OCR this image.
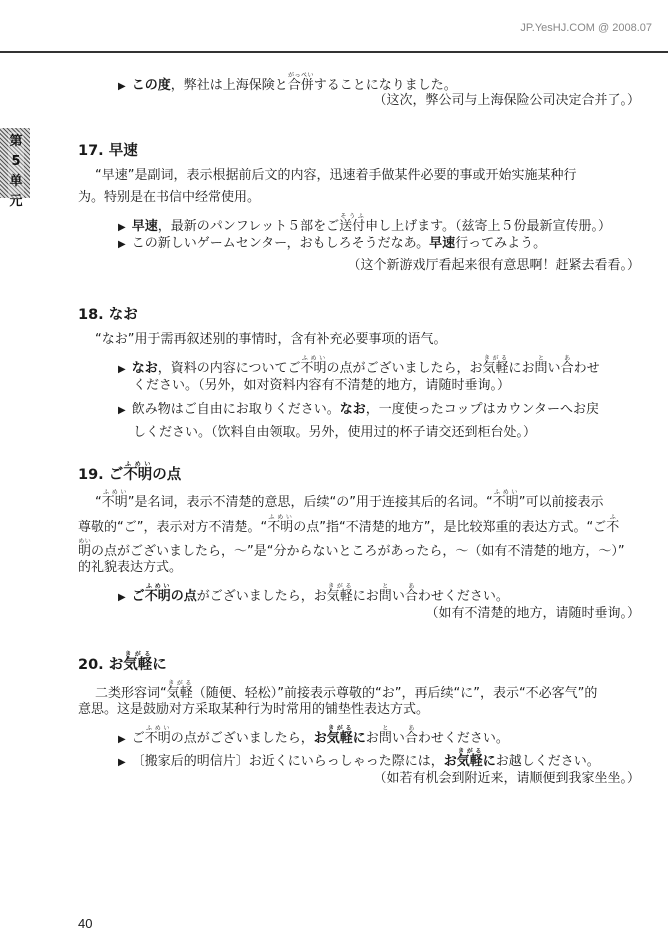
JP.YesHJ.COM @ 2008.07
第5单元
▶ この度，弊社は上海保険と合併がっぺいすることになりました。
（这次，弊公司与上海保险公司决定合并了。）
17. 早速
“早速”是副词，表示根据前后文的内容，迅速着手做某件必要的事或开始实施某种行
为。特别是在书信中经常使用。
▶ 早速，最新のパンフレット５部をご送付そうふ申し上げます。（兹寄上５份最新宣传册。）
▶ この新しいゲームセンター，おもしろそうだなあ。早速行ってみよう。
（这个新游戏厅看起来很有意思啊！赶紧去看看。）
18. なお
“なお”用于需再叙述别的事情时，含有补充必要事项的语气。
▶ なお，資料の内容についてご不明ふめいの点がございましたら，お気軽きがるにお問とい合あわせ
ください。（另外，如对资料内容有不清楚的地方，请随时垂询。）
▶ 飲み物はご自由にお取りください。なお，一度使ったコップはカウンターへお戻
しください。（饮料自由领取。另外，使用过的杯子请交还到柜台处。）
19. ご不明ふめいの点
“不明ふめい”是名词，表示不清楚的意思，后续“の”用于连接其后的名词。“不明ふめい”可以前接表示
尊敬的“ご”，表示对方不清楚。“不明ふめいの点”指“不清楚的地方”，是比较郑重的表达方式。“ご不ふ
明めいの点がございましたら，～”是“分からないところがあったら，～（如有不清楚的地方，～）”
的礼貌表达方式。
▶ ご不明ふめいの点がございましたら，お気軽きがるにお問とい合あわせください。
（如有不清楚的地方，请随时垂询。）
20. お気軽きがるに
二类形容词“気軽きがる（随便、轻松）”前接表示尊敬的“お”，再后续“に”，表示“不必客气”的
意思。这是鼓励对方采取某种行为时常用的铺垫性表达方式。
▶ ご不明ふめいの点がございましたら，お気軽きがるにお問とい合あわせください。
▶ 〔搬家后的明信片〕お近くにいらっしゃった際には，お気軽きがるにお越しください。
（如若有机会到附近来，请顺便到我家坐坐。）
40
